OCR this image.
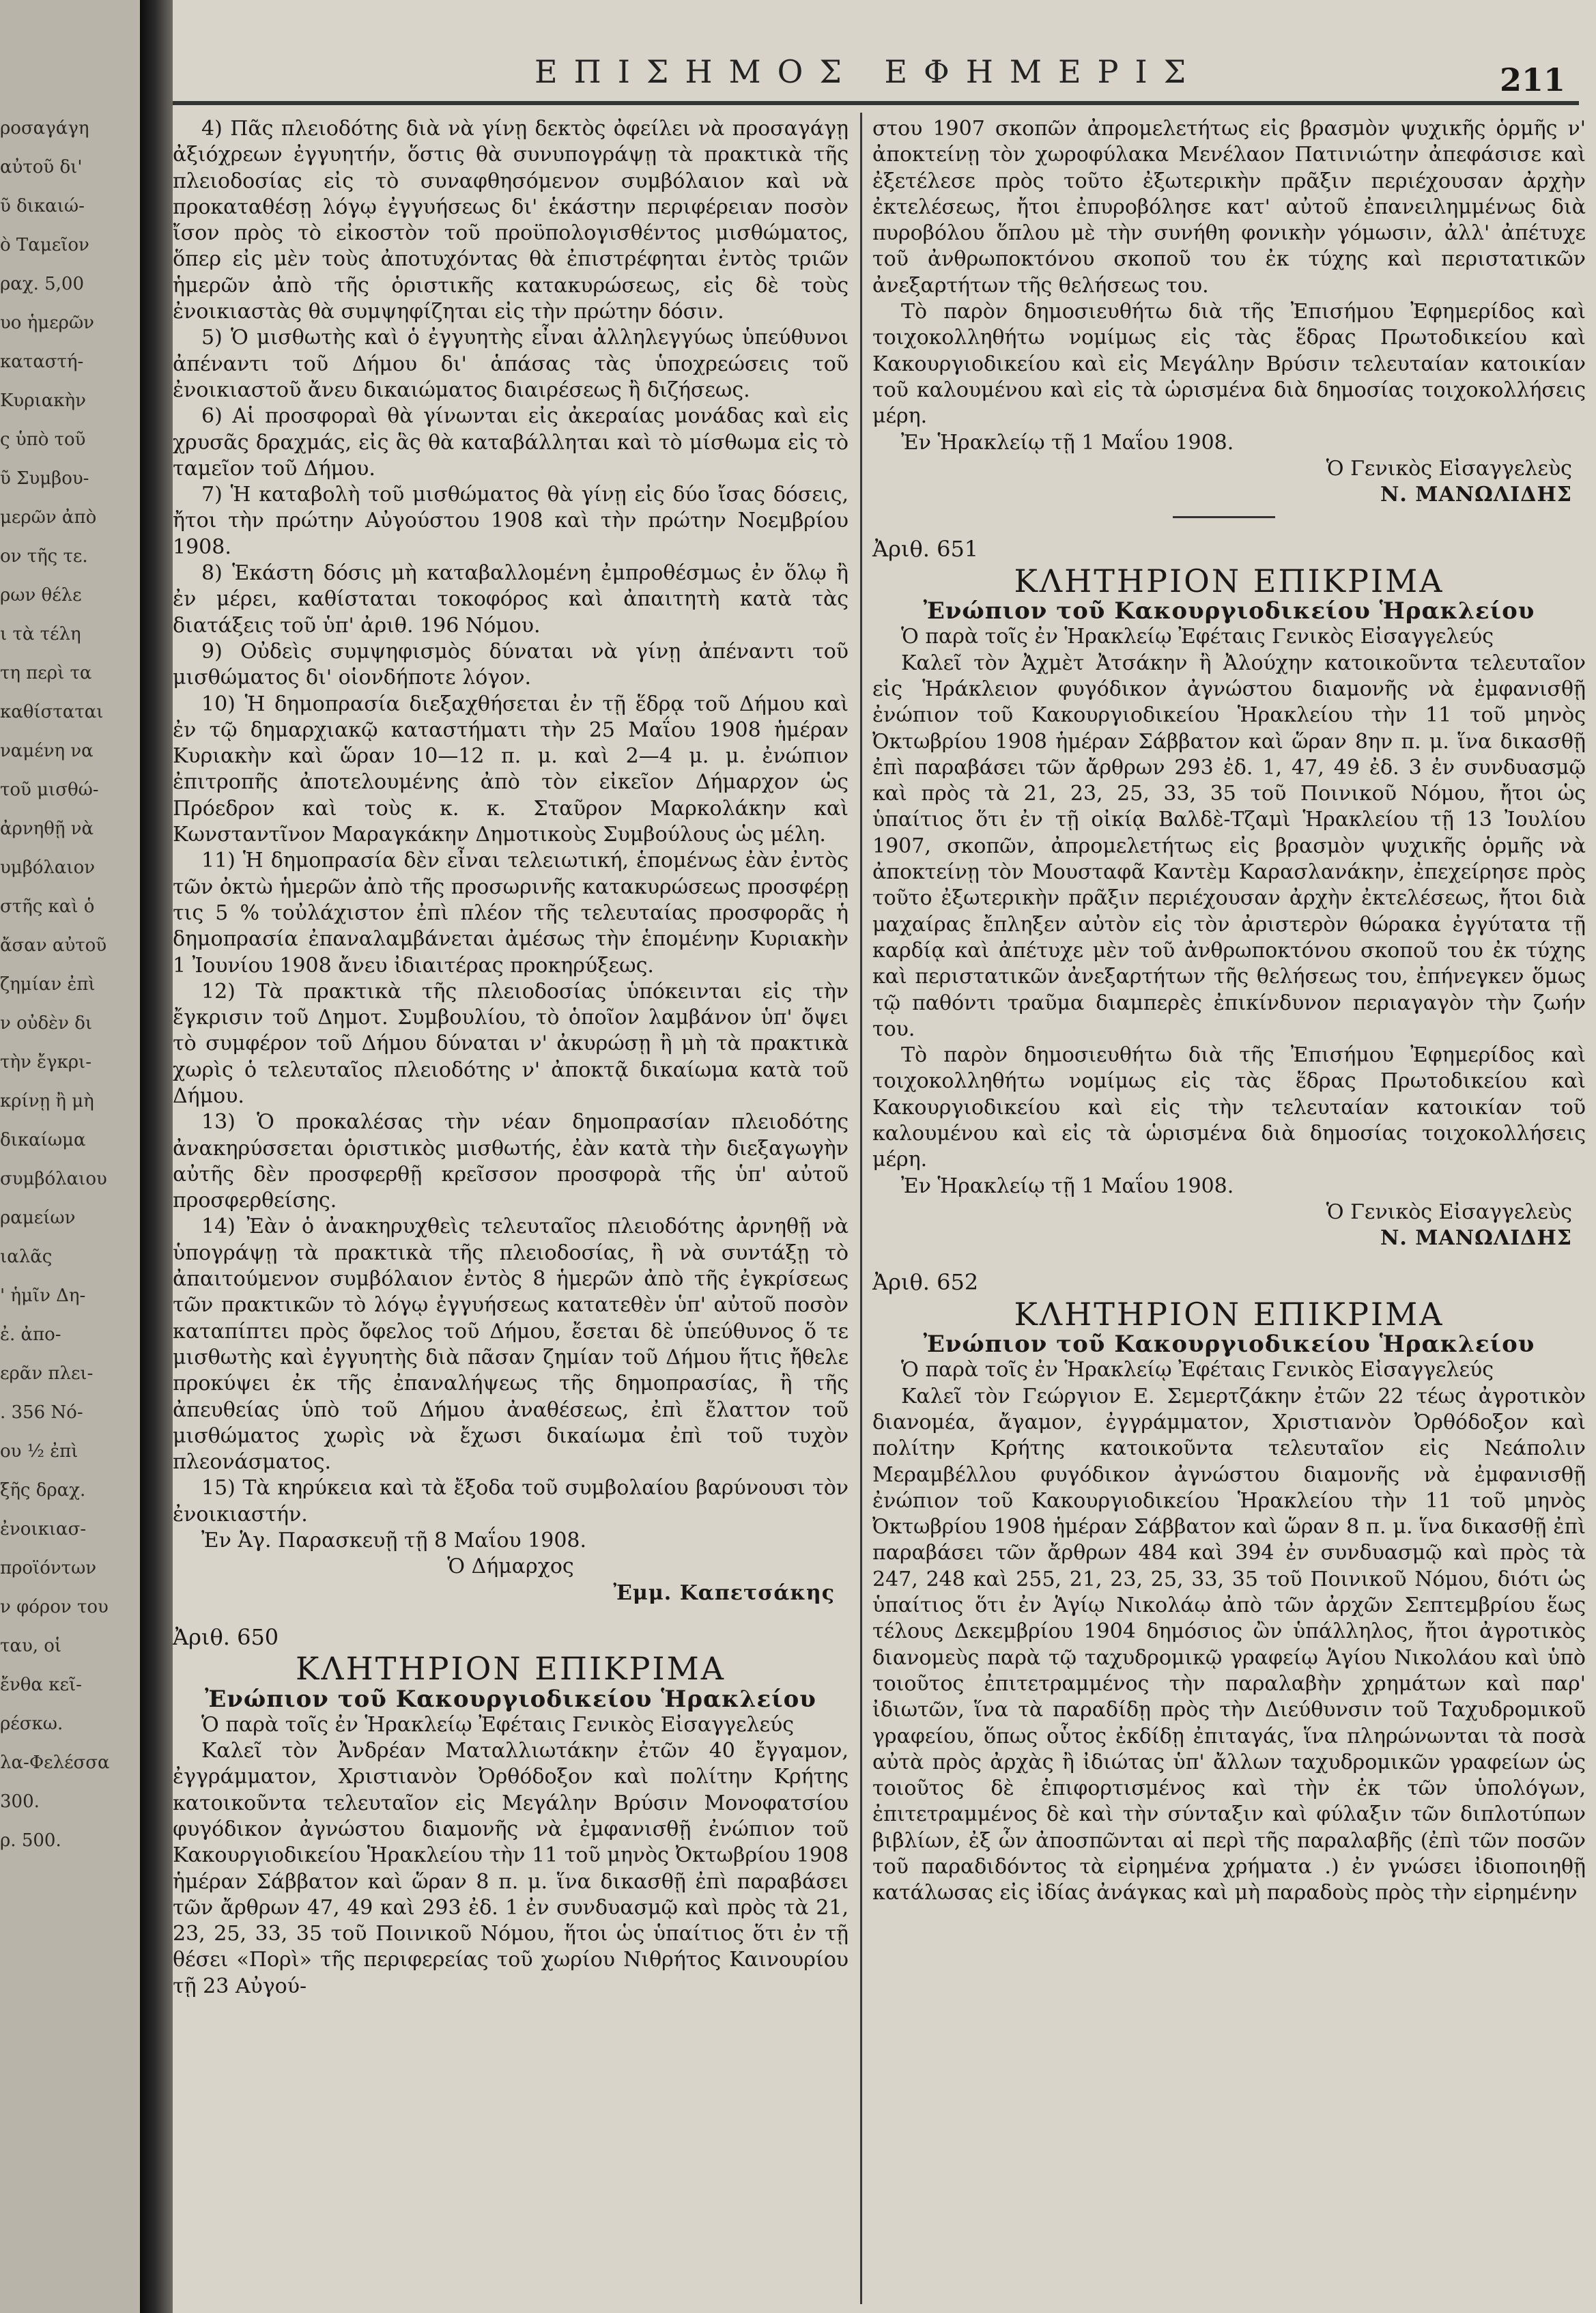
ροσαγάγη
αὐτοῦ δι'
ῦ δικαιώ-
ὸ Ταμεῖον
ραχ. 5,00
υο ἡμερῶν
καταστή-
Κυριακὴν
ς ὑπὸ τοῦ
ῦ Συμβου-
μερῶν ἀπὸ
ον τῆς τε.
ρων θέλε
ι τὰ τέλη
τη περὶ τα
καθίσταται
ναμένη να
τοῦ μισθώ-
ἀρνηθῇ νὰ
υμβόλαιον
στῆς καὶ ὁ
ἄσαν αὐτοῦ
ζημίαν ἐπὶ
ν οὐδὲν δι
τὴν ἔγκρι-
κρίνῃ ἢ μὴ
δικαίωμα
συμβόλαιου
ραμείων
ιαλᾶς
' ἡμῖν Δη-
ἐ. ἀπο-
ερᾶν πλει-
. 356 Νό-
ου ½ ἐπὶ
ξῆς δραχ.
ἐνοικιασ-
προϊόντων
ν φόρον του
ταυ, οἱ
ἔνθα κεῖ-
ρέσκω.
λα-Φελέσσα
300.
ρ. 500.
ΕΠΙΣΗΜΟΣ ΕΦΗΜΕΡΙΣ	211

4) Πᾶς πλειοδότης διὰ νὰ γίνῃ δεκτὸς ὀφείλει νὰ προσαγάγῃ ἀξιόχρεων ἐγγυητήν, ὅστις θὰ συνυπογράψῃ τὰ πρακτικὰ τῆς πλειοδοσίας εἰς τὸ συναφθησόμενον συμβόλαιον καὶ νὰ προκαταθέσῃ λόγῳ ἐγγυήσεως δι' ἑκάστην περιφέρειαν ποσὸν ἴσον πρὸς τὸ εἰκοστὸν τοῦ προϋπολογισθέντος μισθώματος, ὅπερ εἰς μὲν τοὺς ἀποτυχόντας θὰ ἐπιστρέφηται ἐντὸς τριῶν ἡμερῶν ἀπὸ τῆς ὁριστικῆς κατακυρώσεως, εἰς δὲ τοὺς ἐνοικιαστὰς θὰ συμψηφίζηται εἰς τὴν πρώτην δόσιν.

5) Ὁ μισθωτὴς καὶ ὁ ἐγγυητὴς εἶναι ἀλληλεγγύως ὑπεύθυνοι ἀπέναντι τοῦ Δήμου δι' ἁπάσας τὰς ὑποχρεώσεις τοῦ ἐνοικιαστοῦ ἄνευ δικαιώματος διαιρέσεως ἢ διζήσεως.

6) Αἱ προσφοραὶ θὰ γίνωνται εἰς ἀκεραίας μονάδας καὶ εἰς χρυσᾶς δραχμάς, εἰς ἃς θὰ καταβάλληται καὶ τὸ μίσθωμα εἰς τὸ ταμεῖον τοῦ Δήμου.

7) Ἡ καταβολὴ τοῦ μισθώματος θὰ γίνῃ εἰς δύο ἴσας δόσεις, ἤτοι τὴν πρώτην Αὐγούστου 1908 καὶ τὴν πρώτην Νοεμβρίου 1908.

8) Ἑκάστη δόσις μὴ καταβαλλομένη ἐμπροθέσμως ἐν ὅλῳ ἢ ἐν μέρει, καθίσταται τοκοφόρος καὶ ἀπαιτητὴ κατὰ τὰς διατάξεις τοῦ ὑπ' ἀριθ. 196 Νόμου.

9) Οὐδεὶς συμψηφισμὸς δύναται νὰ γίνῃ ἀπέναντι τοῦ μισθώματος δι' οἱονδήποτε λόγον.

10) Ἡ δημοπρασία διεξαχθήσεται ἐν τῇ ἕδρᾳ τοῦ Δήμου καὶ ἐν τῷ δημαρχιακῷ καταστήματι τὴν 25 Μαΐου 1908 ἡμέραν Κυριακὴν καὶ ὥραν 10—12 π. μ. καὶ 2—4 μ. μ. ἐνώπιον ἐπιτροπῆς ἀποτελουμένης ἀπὸ τὸν εἰκεῖον Δήμαρχον ὡς Πρόεδρον καὶ τοὺς κ. κ. Σταῦρον Μαρκολάκην καὶ Κωνσταντῖνον Μαραγκάκην Δημοτικοὺς Συμβούλους ὡς μέλη.

11) Ἡ δημοπρασία δὲν εἶναι τελειωτική, ἑπομένως ἐὰν ἐντὸς τῶν ὀκτὼ ἡμερῶν ἀπὸ τῆς προσωρινῆς κατακυρώσεως προσφέρῃ τις 5 % τοὐλάχιστον ἐπὶ πλέον τῆς τελευταίας προσφορᾶς ἡ δημοπρασία ἐπαναλαμβάνεται ἀμέσως τὴν ἑπομένην Κυριακὴν 1 Ἰουνίου 1908 ἄνευ ἰδιαιτέρας προκηρύξεως.

12) Τὰ πρακτικὰ τῆς πλειοδοσίας ὑπόκεινται εἰς τὴν ἔγκρισιν τοῦ Δημοτ. Συμβουλίου, τὸ ὁποῖον λαμβάνον ὑπ' ὄψει τὸ συμφέρον τοῦ Δήμου δύναται ν' ἀκυρώσῃ ἢ μὴ τὰ πρακτικὰ χωρὶς ὁ τελευταῖος πλειοδότης ν' ἀποκτᾷ δικαίωμα κατὰ τοῦ Δήμου.

13) Ὁ προκαλέσας τὴν νέαν δημοπρασίαν πλειοδότης ἀνακηρύσσεται ὁριστικὸς μισθωτής, ἐὰν κατὰ τὴν διεξαγωγὴν αὐτῆς δὲν προσφερθῇ κρεῖσσον προσφορὰ τῆς ὑπ' αὐτοῦ προσφερθείσης.

14) Ἐὰν ὁ ἀνακηρυχθεὶς τελευταῖος πλειοδότης ἀρνηθῇ νὰ ὑπογράψῃ τὰ πρακτικὰ τῆς πλειοδοσίας, ἢ νὰ συντάξῃ τὸ ἀπαιτούμενον συμβόλαιον ἐντὸς 8 ἡμερῶν ἀπὸ τῆς ἐγκρίσεως τῶν πρακτικῶν τὸ λόγῳ ἐγγυήσεως κατατεθὲν ὑπ' αὐτοῦ ποσὸν καταπίπτει πρὸς ὄφελος τοῦ Δήμου, ἔσεται δὲ ὑπεύθυνος ὅ τε μισθωτὴς καὶ ἐγγυητὴς διὰ πᾶσαν ζημίαν τοῦ Δήμου ἥτις ἤθελε προκύψει ἐκ τῆς ἐπαναλήψεως τῆς δημοπρασίας, ἢ τῆς ἀπευθείας ὑπὸ τοῦ Δήμου ἀναθέσεως, ἐπὶ ἔλαττον τοῦ μισθώματος χωρὶς νὰ ἔχωσι δικαίωμα ἐπὶ τοῦ τυχὸν πλεονάσματος.

15) Τὰ κηρύκεια καὶ τὰ ἔξοδα τοῦ συμβολαίου βαρύνουσι τὸν ἐνοικιαστήν.

Ἐν Ἁγ. Παρασκευῇ τῇ 8 Μαΐου 1908.
Ὁ Δήμαρχος
Ἐμμ. Καπετσάκης
Ἀριθ. 650
ΚΛΗΤΗΡΙΟΝ ΕΠΙΚΡΙΜΑ
Ἐνώπιον τοῦ Κακουργιοδικείου Ἡρακλείου

Ὁ παρὰ τοῖς ἐν Ἡρακλείῳ Ἐφέταις Γενικὸς Εἰσαγγελεύς

Καλεῖ τὸν Ἀνδρέαν Ματαλλιωτάκην ἐτῶν 40 ἔγγαμον, ἐγγράμματον, Χριστιανὸν Ὀρθόδοξον καὶ πολίτην Κρήτης κατοικοῦντα τελευταῖον εἰς Μεγάλην Βρύσιν Μονοφατσίου φυγόδικον ἀγνώστου διαμονῆς νὰ ἐμφανισθῇ ἐνώπιον τοῦ Κακουργιοδικείου Ἡρακλείου τὴν 11 τοῦ μηνὸς Ὀκτωβρίου 1908 ἡμέραν Σάββατον καὶ ὥραν 8 π. μ. ἵνα δικασθῇ ἐπὶ παραβάσει τῶν ἄρθρων 47, 49 καὶ 293 ἐδ. 1 ἐν συνδυασμῷ καὶ πρὸς τὰ 21, 23, 25, 33, 35 τοῦ Ποινικοῦ Νόμου, ἥτοι ὡς ὑπαίτιος ὅτι ἐν τῇ θέσει «Πορὶ» τῆς περιφερείας τοῦ χωρίου Νιθρήτος Καινουρίου τῇ 23 Αὐγού-

στου 1907 σκοπῶν ἀπρομελετήτως εἰς βρασμὸν ψυχικῆς ὁρμῆς ν' ἀποκτείνῃ τὸν χωροφύλακα Μενέλαον Πατινιώτην ἀπεφάσισε καὶ ἐξετέλεσε πρὸς τοῦτο ἐξωτερικὴν πρᾶξιν περιέχουσαν ἀρχὴν ἐκτελέσεως, ἤτοι ἐπυροβόλησε κατ' αὐτοῦ ἐπανειλημμένως διὰ πυροβόλου ὅπλου μὲ τὴν συνήθη φονικὴν γόμωσιν, ἀλλ' ἀπέτυχε τοῦ ἀνθρωποκτόνου σκοποῦ του ἐκ τύχης καὶ περιστατικῶν ἀνεξαρτήτων τῆς θελήσεως του.

Τὸ παρὸν δημοσιευθήτω διὰ τῆς Ἐπισήμου Ἐφημερίδος καὶ τοιχοκολληθήτω νομίμως εἰς τὰς ἕδρας Πρωτοδικείου καὶ Κακουργιοδικείου καὶ εἰς Μεγάλην Βρύσιν τελευταίαν κατοικίαν τοῦ καλουμένου καὶ εἰς τὰ ὡρισμένα διὰ δημοσίας τοιχοκολλήσεις μέρη.

Ἐν Ἡρακλείῳ τῇ 1 Μαΐου 1908.
Ὁ Γενικὸς Εἰσαγγελεὺς
Ν. ΜΑΝΩΛΙΔΗΣ
Ἀριθ. 651
ΚΛΗΤΗΡΙΟΝ ΕΠΙΚΡΙΜΑ
Ἐνώπιον τοῦ Κακουργιοδικείου Ἡρακλείου

Ὁ παρὰ τοῖς ἐν Ἡρακλείῳ Ἐφέταις Γενικὸς Εἰσαγγελεύς

Καλεῖ τὸν Ἀχμὲτ Ἀτσάκην ἢ Ἀλούχην κατοικοῦντα τελευταῖον εἰς Ἡράκλειον φυγόδικον ἀγνώστου διαμονῆς νὰ ἐμφανισθῇ ἐνώπιον τοῦ Κακουργιοδικείου Ἡρακλείου τὴν 11 τοῦ μηνὸς Ὀκτωβρίου 1908 ἡμέραν Σάββατον καὶ ὥραν 8ην π. μ. ἵνα δικασθῇ ἐπὶ παραβάσει τῶν ἄρθρων 293 ἐδ. 1, 47, 49 ἐδ. 3 ἐν συνδυασμῷ καὶ πρὸς τὰ 21, 23, 25, 33, 35 τοῦ Ποινικοῦ Νόμου, ἤτοι ὡς ὑπαίτιος ὅτι ἐν τῇ οἰκίᾳ Βαλδὲ-Τζαμὶ Ἡρακλείου τῇ 13 Ἰουλίου 1907, σκοπῶν, ἀπρομελετήτως εἰς βρασμὸν ψυχικῆς ὁρμῆς νὰ ἀποκτείνῃ τὸν Μουσταφᾶ Καντὲμ Καρασλανάκην, ἐπεχείρησε πρὸς τοῦτο ἐξωτερικὴν πρᾶξιν περιέχουσαν ἀρχὴν ἐκτελέσεως, ἤτοι διὰ μαχαίρας ἔπληξεν αὐτὸν εἰς τὸν ἀριστερὸν θώρακα ἐγγύτατα τῇ καρδίᾳ καὶ ἀπέτυχε μὲν τοῦ ἀνθρωποκτόνου σκοποῦ του ἐκ τύχης καὶ περιστατικῶν ἀνεξαρτήτων τῆς θελήσεως του, ἐπήνεγκεν ὅμως τῷ παθόντι τραῦμα διαμπερὲς ἐπικίνδυνον περιαγαγὸν τὴν ζωήν του.

Τὸ παρὸν δημοσιευθήτω διὰ τῆς Ἐπισήμου Ἐφημερίδος καὶ τοιχοκολληθήτω νομίμως εἰς τὰς ἕδρας Πρωτοδικείου καὶ Κακουργιοδικείου καὶ εἰς τὴν τελευταίαν κατοικίαν τοῦ καλουμένου καὶ εἰς τὰ ὡρισμένα διὰ δημοσίας τοιχοκολλήσεις μέρη.

Ἐν Ἡρακλείῳ τῇ 1 Μαΐου 1908.
Ὁ Γενικὸς Εἰσαγγελεὺς
Ν. ΜΑΝΩΛΙΔΗΣ
Ἀριθ. 652
ΚΛΗΤΗΡΙΟΝ ΕΠΙΚΡΙΜΑ
Ἐνώπιον τοῦ Κακουργιοδικείου Ἡρακλείου

Ὁ παρὰ τοῖς ἐν Ἡρακλείῳ Ἐφέταις Γενικὸς Εἰσαγγελεύς

Καλεῖ τὸν Γεώργιον Ε. Σεμερτζάκην ἐτῶν 22 τέως ἀγροτικὸν διανομέα, ἄγαμον, ἐγγράμματον, Χριστιανὸν Ὀρθόδοξον καὶ πολίτην Κρήτης κατοικοῦντα τελευταῖον εἰς Νεάπολιν Μεραμβέλλου φυγόδικον ἀγνώστου διαμονῆς νὰ ἐμφανισθῇ ἐνώπιον τοῦ Κακουργιοδικείου Ἡρακλείου τὴν 11 τοῦ μηνὸς Ὀκτωβρίου 1908 ἡμέραν Σάββατον καὶ ὥραν 8 π. μ. ἵνα δικασθῇ ἐπὶ παραβάσει τῶν ἄρθρων 484 καὶ 394 ἐν συνδυασμῷ καὶ πρὸς τὰ 247, 248 καὶ 255, 21, 23, 25, 33, 35 τοῦ Ποινικοῦ Νόμου, διότι ὡς ὑπαίτιος ὅτι ἐν Ἁγίῳ Νικολάῳ ἀπὸ τῶν ἀρχῶν Σεπτεμβρίου ἕως τέλους Δεκεμβρίου 1904 δημόσιος ὢν ὑπάλληλος, ἤτοι ἀγροτικὸς διανομεὺς παρὰ τῷ ταχυδρομικῷ γραφείῳ Ἁγίου Νικολάου καὶ ὑπὸ τοιοῦτος ἐπιτετραμμένος τὴν παραλαβὴν χρημάτων καὶ παρ' ἰδιωτῶν, ἵνα τὰ παραδίδῃ πρὸς τὴν Διεύθυνσιν τοῦ Ταχυδρομικοῦ γραφείου, ὅπως οὗτος ἐκδίδῃ ἐπιταγάς, ἵνα πληρώνωνται τὰ ποσὰ αὐτὰ πρὸς ἀρχὰς ἢ ἰδιώτας ὑπ' ἄλλων ταχυδρομικῶν γραφείων ὡς τοιοῦτος δὲ ἐπιφορτισμένος καὶ τὴν ἐκ τῶν ὑπολόγων, ἐπιτετραμμένος δὲ καὶ τὴν σύνταξιν καὶ φύλαξιν τῶν διπλοτύπων βιβλίων, ἐξ ὧν ἀποσπῶνται αἱ περὶ τῆς παραλαβῆς (ἐπὶ τῶν ποσῶν τοῦ παραδιδόντος τὰ εἰρημένα χρήματα .) ἐν γνώσει ἰδιοποιηθῇ κατάλωσας εἰς ἰδίας ἀνάγκας καὶ μὴ παραδοὺς πρὸς τὴν εἰρημένην
